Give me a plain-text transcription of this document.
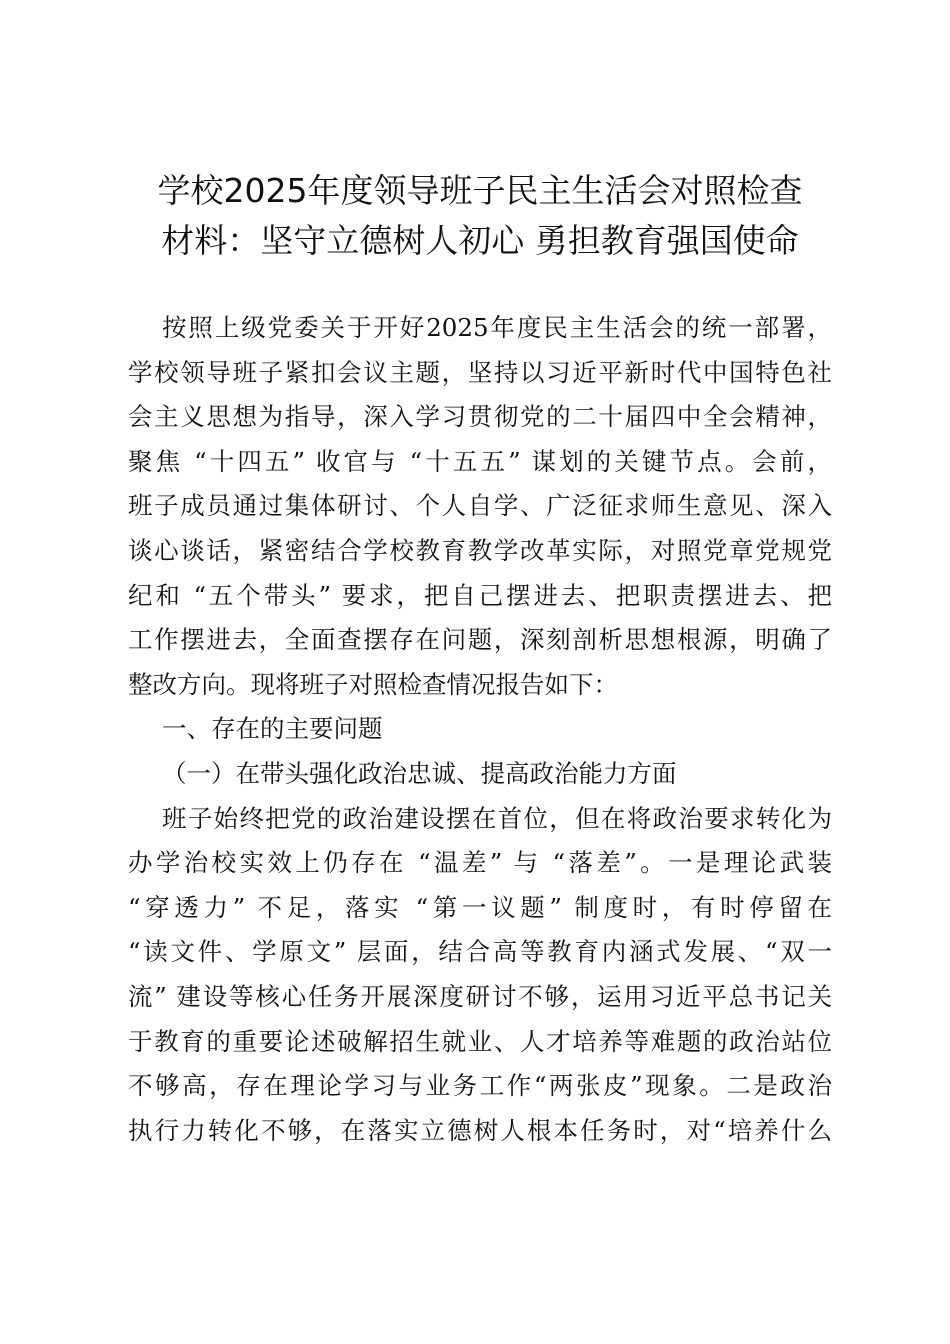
学校2025年度领导班子民主生活会对照检查
材料：坚守立德树人初心 勇担教育强国使命
按照上级党委关于开好2025年度民主生活会的统一部署，
学校领导班子紧扣会议主题，坚持以习近平新时代中国特色社
会主义思想为指导，深入学习贯彻党的二十届四中全会精神，
聚焦 “十四五” 收官与 “十五五” 谋划的关键节点。会前，
班子成员通过集体研讨、个人自学、广泛征求师生意见、深入
谈心谈话，紧密结合学校教育教学改革实际，对照党章党规党
纪和 “五个带头” 要求，把自己摆进去、把职责摆进去、把
工作摆进去，全面查摆存在问题，深刻剖析思想根源，明确了
整改方向。现将班子对照检查情况报告如下：
一、存在的主要问题
（一）在带头强化政治忠诚、提高政治能力方面
班子始终把党的政治建设摆在首位，但在将政治要求转化为
办学治校实效上仍存在 “温差” 与 “落差”。一是理论武装
“穿透力” 不足，落实 “第一议题” 制度时，有时停留在
“读文件、学原文” 层面，结合高等教育内涵式发展、“双一
流” 建设等核心任务开展深度研讨不够，运用习近平总书记关
于教育的重要论述破解招生就业、人才培养等难题的政治站位
不够高，存在理论学习与业务工作“两张皮”现象。二是政治
执行力转化不够，在落实立德树人根本任务时，对“培养什么
